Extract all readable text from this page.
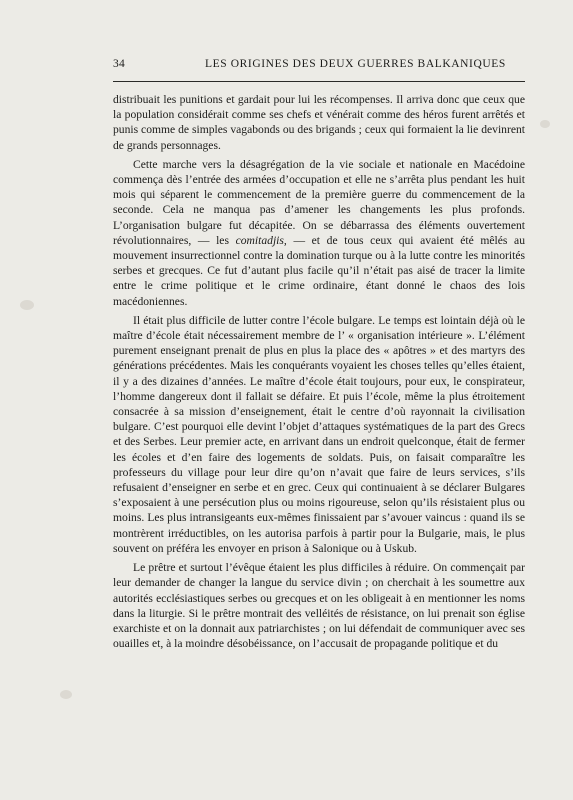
34	LES ORIGINES DES DEUX GUERRES BALKANIQUES

distribuait les punitions et gardait pour lui les récompenses. Il arriva donc que ceux que la population considérait comme ses chefs et vénérait comme des héros furent arrêtés et punis comme de simples vagabonds ou des brigands ; ceux qui formaient la lie devinrent de grands personnages.

Cette marche vers la désagrégation de la vie sociale et nationale en Macédoine commença dès l’entrée des armées d’occupation et elle ne s’arrêta plus pendant les huit mois qui séparent le commencement de la première guerre du commencement de la seconde. Cela ne manqua pas d’amener les changements les plus profonds. L’organisation bulgare fut décapitée. On se débarrassa des éléments ouvertement révolutionnaires, — les comitadjis, — et de tous ceux qui avaient été mêlés au mouvement insurrectionnel contre la domination turque ou à la lutte contre les minorités serbes et grecques. Ce fut d’autant plus facile qu’il n’était pas aisé de tracer la limite entre le crime politique et le crime ordinaire, étant donné le chaos des lois macédoniennes.

Il était plus difficile de lutter contre l’école bulgare. Le temps est lointain déjà où le maître d’école était nécessairement membre de l’ « organisation intérieure ». L’élément purement enseignant prenait de plus en plus la place des « apôtres » et des martyrs des générations précédentes. Mais les conquérants voyaient les choses telles qu’elles étaient, il y a des dizaines d’années. Le maître d’école était toujours, pour eux, le conspirateur, l’homme dangereux dont il fallait se défaire. Et puis l’école, même la plus étroitement consacrée à sa mission d’enseignement, était le centre d’où rayonnait la civilisation bulgare. C’est pourquoi elle devint l’objet d’attaques systématiques de la part des Grecs et des Serbes. Leur premier acte, en arrivant dans un endroit quelconque, était de fermer les écoles et d’en faire des logements de soldats. Puis, on faisait comparaître les professeurs du village pour leur dire qu’on n’avait que faire de leurs services, s’ils refusaient d’enseigner en serbe et en grec. Ceux qui continuaient à se déclarer Bulgares s’exposaient à une persécution plus ou moins rigoureuse, selon qu’ils résistaient plus ou moins. Les plus intransigeants eux-mêmes finissaient par s’avouer vaincus : quand ils se montrèrent irréductibles, on les autorisa parfois à partir pour la Bulgarie, mais, le plus souvent on préféra les envoyer en prison à Salonique ou à Uskub.

Le prêtre et surtout l’évêque étaient les plus difficiles à réduire. On commençait par leur demander de changer la langue du service divin ; on cherchait à les soumettre aux autorités ecclésiastiques serbes ou grecques et on les obligeait à en mentionner les noms dans la liturgie. Si le prêtre montrait des velléités de résistance, on lui prenait son église exarchiste et on la donnait aux patriarchistes ; on lui défendait de communiquer avec ses ouailles et, à la moindre désobéissance, on l’accusait de propagande politique et du
